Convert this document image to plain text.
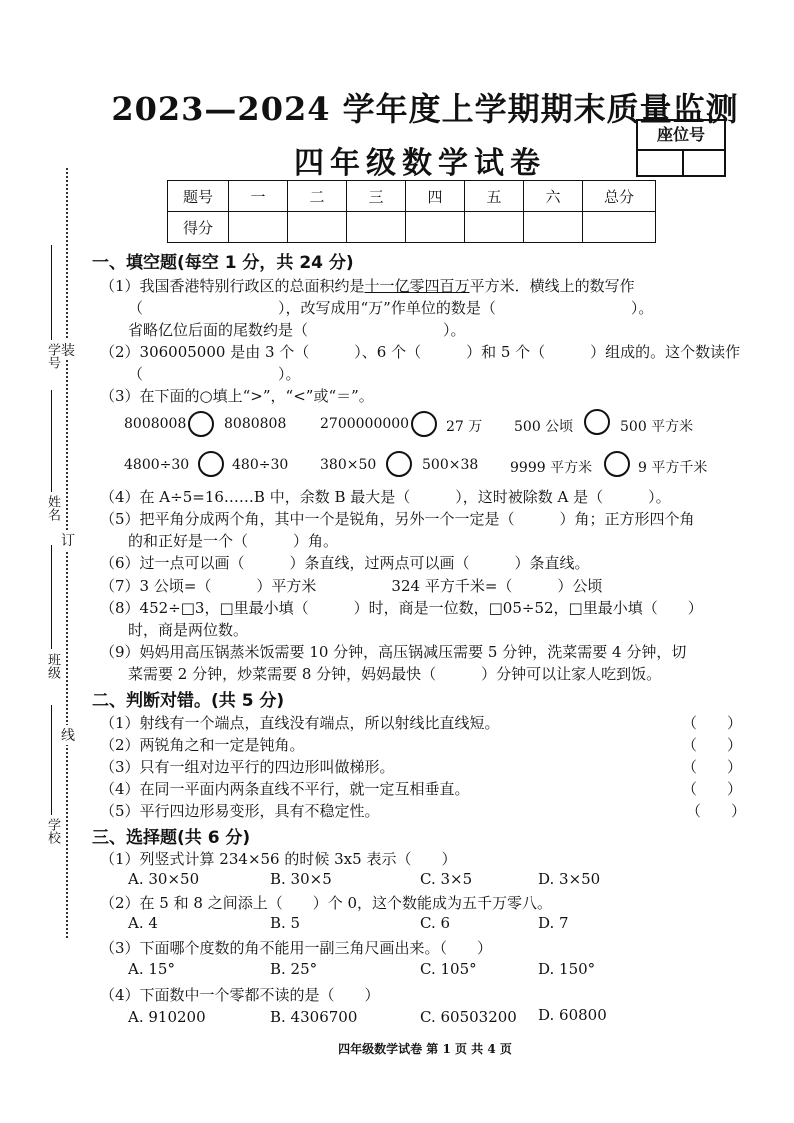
2023—2024 学年度上学期期末质量监测
四年级数学试卷
座位号
题号	一	二	三	四	五	六	总分
得分							
装
订
线
学号
姓名
班级
学校
一、填空题(每空 1 分，共 24 分)
（1）我国香港特别行政区的总面积约是十一亿零四百万平方米．横线上的数写作
（　　　　　　　　　），改写成用“万”作单位的数是（　　　　　　　　　）。
省略亿位后面的尾数约是（　　　　　　　　　）。
（2）306005000 是由 3 个（　　　）、6 个（　　　）和 5 个（　　　）组成的。这个数读作
（　　　　　　　　　）。
（3）在下面的○填上“>”，“<”或“＝”。
8008008	8080808 2700000000	27 万 500 公顷	500 平方米
4800÷30	480÷30 380×50	500×38 9999 平方米	9 平方千米
（4）在 A÷5=16……B 中，余数 B 最大是（　　　），这时被除数 A 是（　　　）。
（5）把平角分成两个角，其中一个是锐角，另外一个一定是（　　　）角；正方形四个角
的和正好是一个（　　　）角。
（6）过一点可以画（　　　）条直线，过两点可以画（　　　）条直线。
（7）3 公顷=（　　　）平方米　　　　　324 平方千米=（　　　）公顷
（8）452÷□3，□里最小填（　　　）时，商是一位数，□05÷52，□里最小填（　　）
时，商是两位数。
（9）妈妈用高压锅蒸米饭需要 10 分钟，高压锅减压需要 5 分钟，洗菜需要 4 分钟，切
菜需要 2 分钟，炒菜需要 8 分钟，妈妈最快（　　　）分钟可以让家人吃到饭。
二、判断对错。(共 5 分)
（1）射线有一个端点，直线没有端点，所以射线比直线短。	（　　）
（2）两锐角之和一定是钝角。	（　　）
（3）只有一组对边平行的四边形叫做梯形。	（　　）
（4）在同一平面内两条直线不平行，就一定互相垂直。	（　　）
（5）平行四边形易变形，具有不稳定性。	（　　）
三、选择题(共 6 分)
（1）列竖式计算 234×56 的时候 3x5 表示（　　）
A. 30×50	B. 30×5	C. 3×5	D. 3×50
（2）在 5 和 8 之间添上（　　）个 0，这个数能成为五千万零八。
A. 4	B. 5	C. 6	D. 7
（3）下面哪个度数的角不能用一副三角尺画出来。（　　）
A. 15°	B. 25°	C. 105°	D. 150°
（4）下面数中一个零都不读的是（　　）
A. 910200	B. 4306700	C. 60503200 D. 60800
四年级数学试卷 第 1 页 共 4 页
